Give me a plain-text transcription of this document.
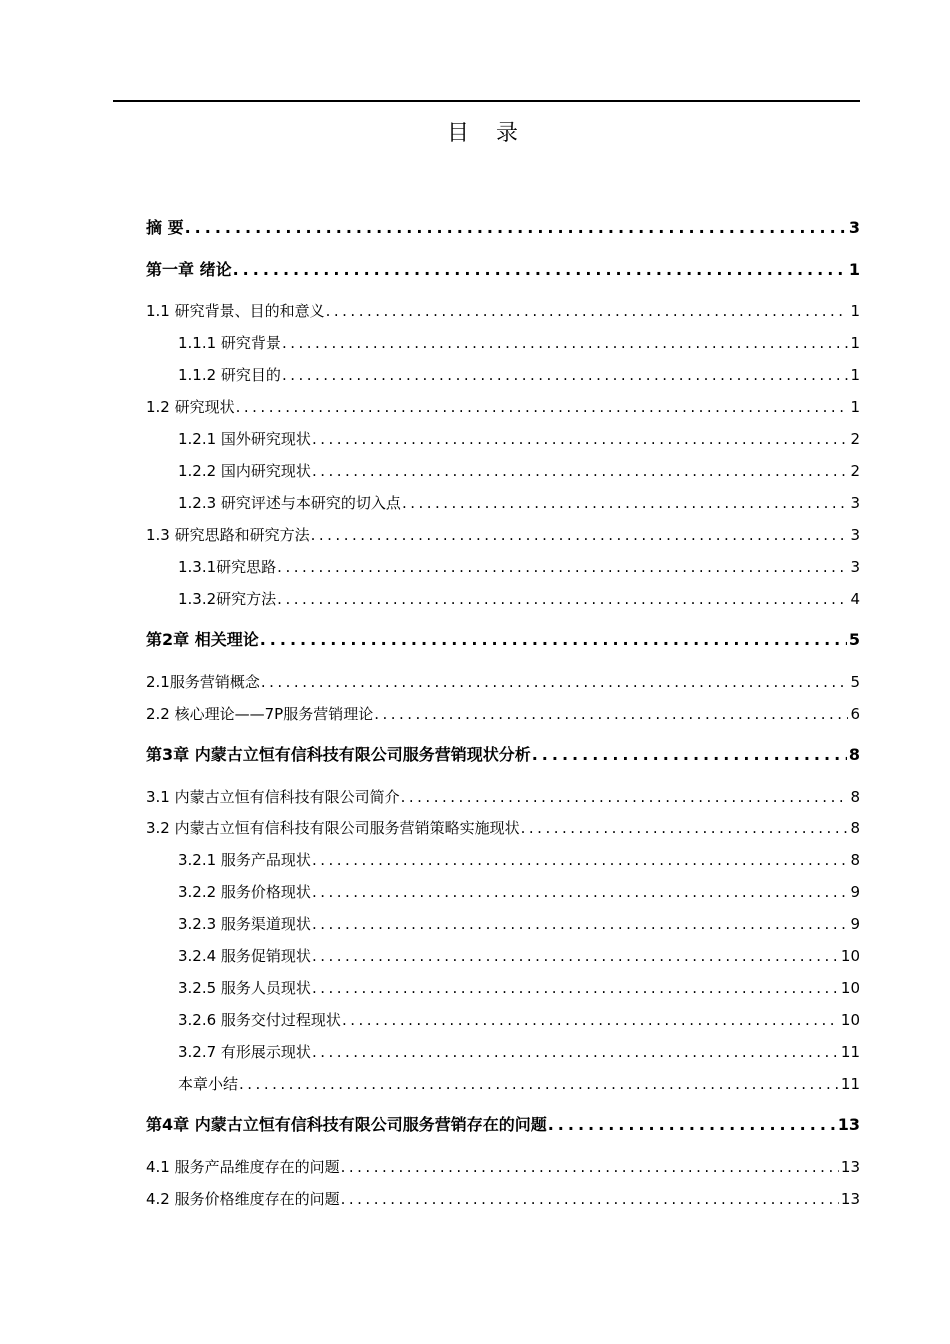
目 录
摘 要 .....	3
第一章 绪论 .....	1
1.1 研究背景、目的和意义 .....	1
1.1.1 研究背景 .....	1
1.1.2 研究目的 .....	1
1.2 研究现状 .....	1
1.2.1 国外研究现状 .....	2
1.2.2 国内研究现状 .....	2
1.2.3 研究评述与本研究的切入点 .....	3
1.3 研究思路和研究方法 .....	3
1.3.1研究思路 .....	3
1.3.2研究方法 .....	4
第2章 相关理论 .....	5
2.1服务营销概念 .....	5
2.2 核心理论——7P服务营销理论 .....	6
第3章 内蒙古立恒有信科技有限公司服务营销现状分析 .....	8
3.1 内蒙古立恒有信科技有限公司简介 .....	8
3.2 内蒙古立恒有信科技有限公司服务营销策略实施现状 .....	8
3.2.1 服务产品现状 .....	8
3.2.2 服务价格现状 .....	9
3.2.3 服务渠道现状 .....	9
3.2.4 服务促销现状 .....	10
3.2.5 服务人员现状 .....	10
3.2.6 服务交付过程现状 .....	10
3.2.7 有形展示现状 .....	11
本章小结 .....	11
第4章 内蒙古立恒有信科技有限公司服务营销存在的问题 .....	13
4.1 服务产品维度存在的问题 .....	13
4.2 服务价格维度存在的问题 .....	13
